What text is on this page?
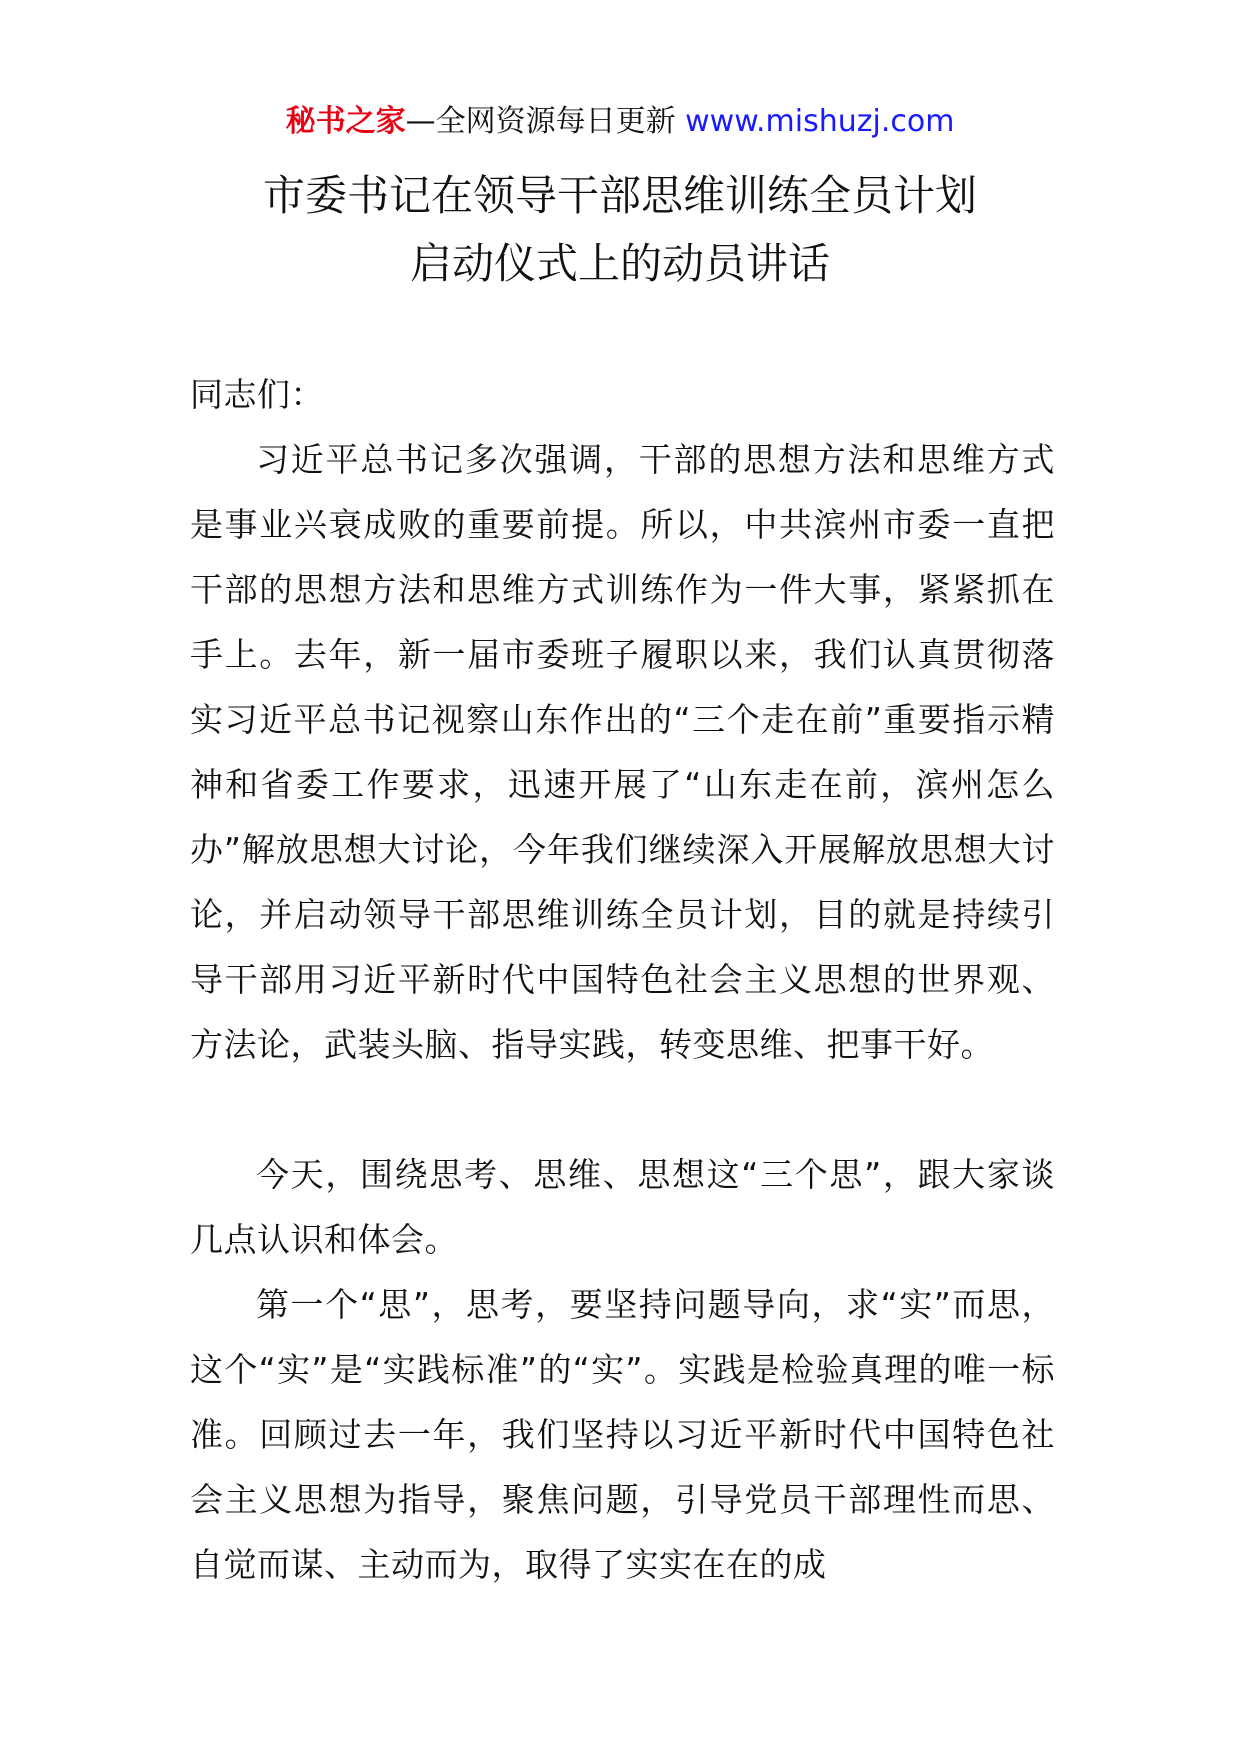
秘书之家—全网资源每日更新 www.mishuzj.com
市委书记在领导干部思维训练全员计划
启动仪式上的动员讲话
同志们：
习近平总书记多次强调，干部的思想方法和思维方式是事业兴衰成败的重要前提。所以，中共滨州市委一直把干部的思想方法和思维方式训练作为一件大事，紧紧抓在手上。去年，新一届市委班子履职以来，我们认真贯彻落实习近平总书记视察山东作出的“三个走在前”重要指示精神和省委工作要求，迅速开展了“山东走在前，滨州怎么办”解放思想大讨论，今年我们继续深入开展解放思想大讨论，并启动领导干部思维训练全员计划，目的就是持续引导干部用习近平新时代中国特色社会主义思想的世界观、方法论，武装头脑、指导实践，转变思维、把事干好。
今天，围绕思考、思维、思想这“三个思”，跟大家谈几点认识和体会。
第一个“思”，思考，要坚持问题导向，求“实”而思，这个“实”是“实践标准”的“实”。实践是检验真理的唯一标准。回顾过去一年，我们坚持以习近平新时代中国特色社会主义思想为指导，聚焦问题，引导党员干部理性而思、自觉而谋、主动而为，取得了实实在在的成
